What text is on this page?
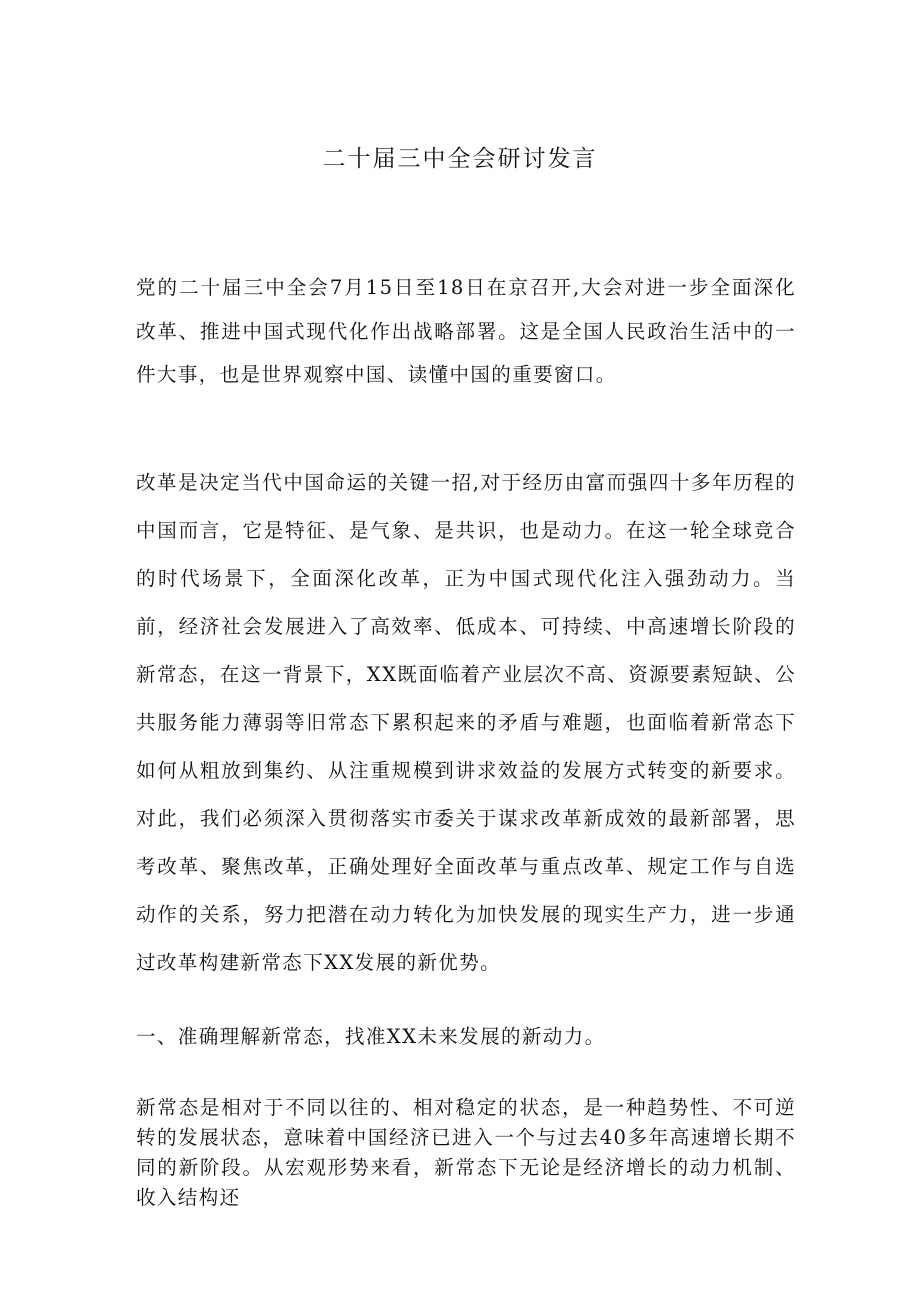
二十届三中全会研讨发言
党的二十届三中全会7月15日至18日在京召开,大会对进一步全面深化改革、推进中国式现代化作出战略部署。这是全国人民政治生活中的一件大事，也是世界观察中国、读懂中国的重要窗口。
改革是决定当代中国命运的关键一招,对于经历由富而强四十多年历程的中国而言，它是特征、是气象、是共识，也是动力。在这一轮全球竞合的时代场景下，全面深化改革，正为中国式现代化注入强劲动力。当前，经济社会发展进入了高效率、低成本、可持续、中高速增长阶段的新常态，在这一背景下，XX既面临着产业层次不高、资源要素短缺、公共服务能力薄弱等旧常态下累积起来的矛盾与难题，也面临着新常态下如何从粗放到集约、从注重规模到讲求效益的发展方式转变的新要求。对此，我们必须深入贯彻落实市委关于谋求改革新成效的最新部署，思考改革、聚焦改革，正确处理好全面改革与重点改革、规定工作与自选动作的关系，努力把潜在动力转化为加快发展的现实生产力，进一步通过改革构建新常态下XX发展的新优势。
一、准确理解新常态，找准XX未来发展的新动力。
新常态是相对于不同以往的、相对稳定的状态，是一种趋势性、不可逆转的发展状态，意味着中国经济已进入一个与过去40多年高速增长期不同的新阶段。从宏观形势来看，新常态下无论是经济增长的动力机制、收入结构还
